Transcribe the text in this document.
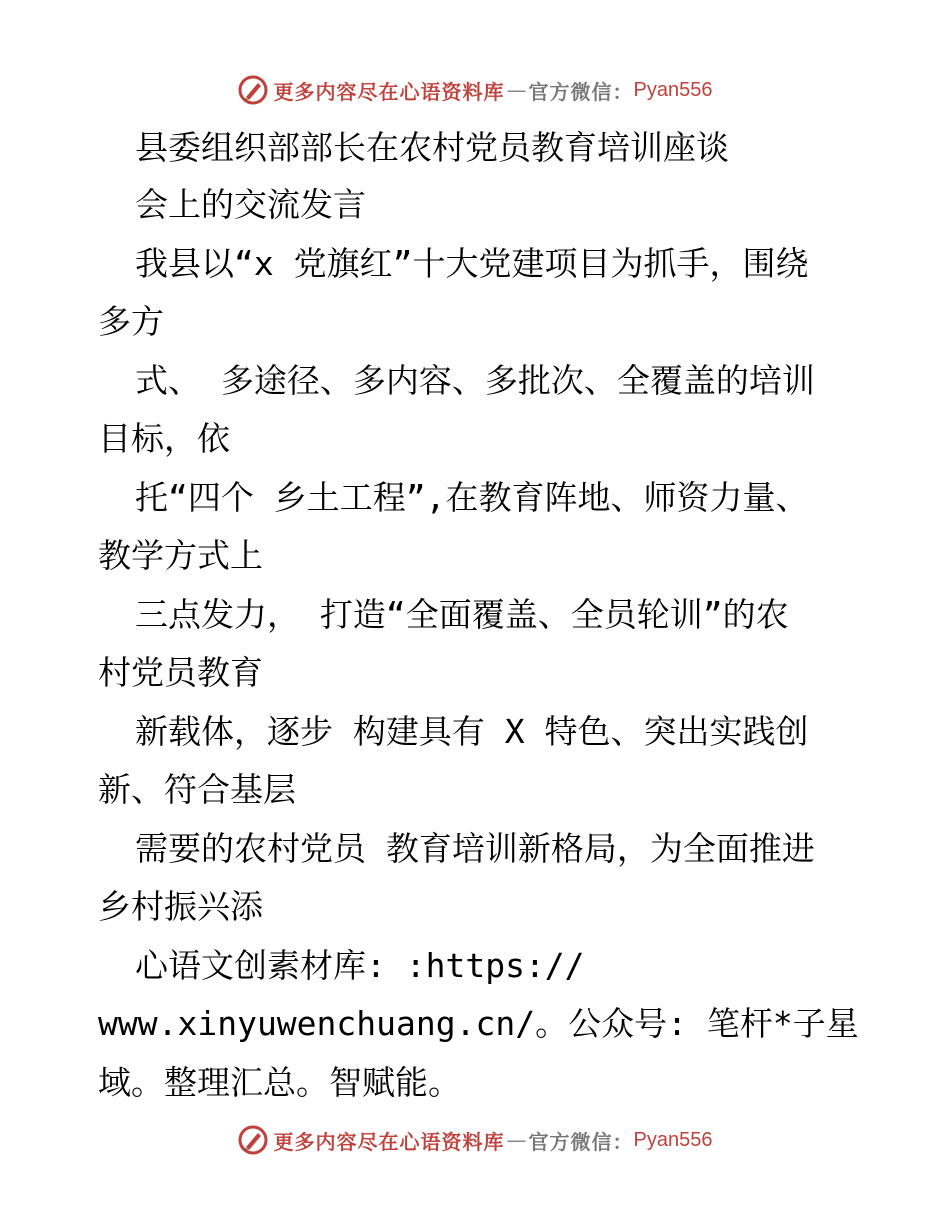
更多内容尽在心语资料库 — 官方微信： Pyan556
县委组织部部长在农村党员教育培训座谈
会上的交流发言
我县以“x 党旗红”十大党建项目为抓手，围绕
多方
式、 多途径、多内容、多批次、全覆盖的培训
目标，依
托“四个 乡土工程”,在教育阵地、师资力量、
教学方式上
三点发力， 打造“全面覆盖、全员轮训”的农
村党员教育
新载体，逐步 构建具有 X 特色、突出实践创
新、符合基层
需要的农村党员 教育培训新格局，为全面推进
乡村振兴添
心语文创素材库: :https://
www.xinyuwenchuang.cn/。公众号: 笔杆*子星
域。整理汇总。智赋能。
更多内容尽在心语资料库 — 官方微信： Pyan556
